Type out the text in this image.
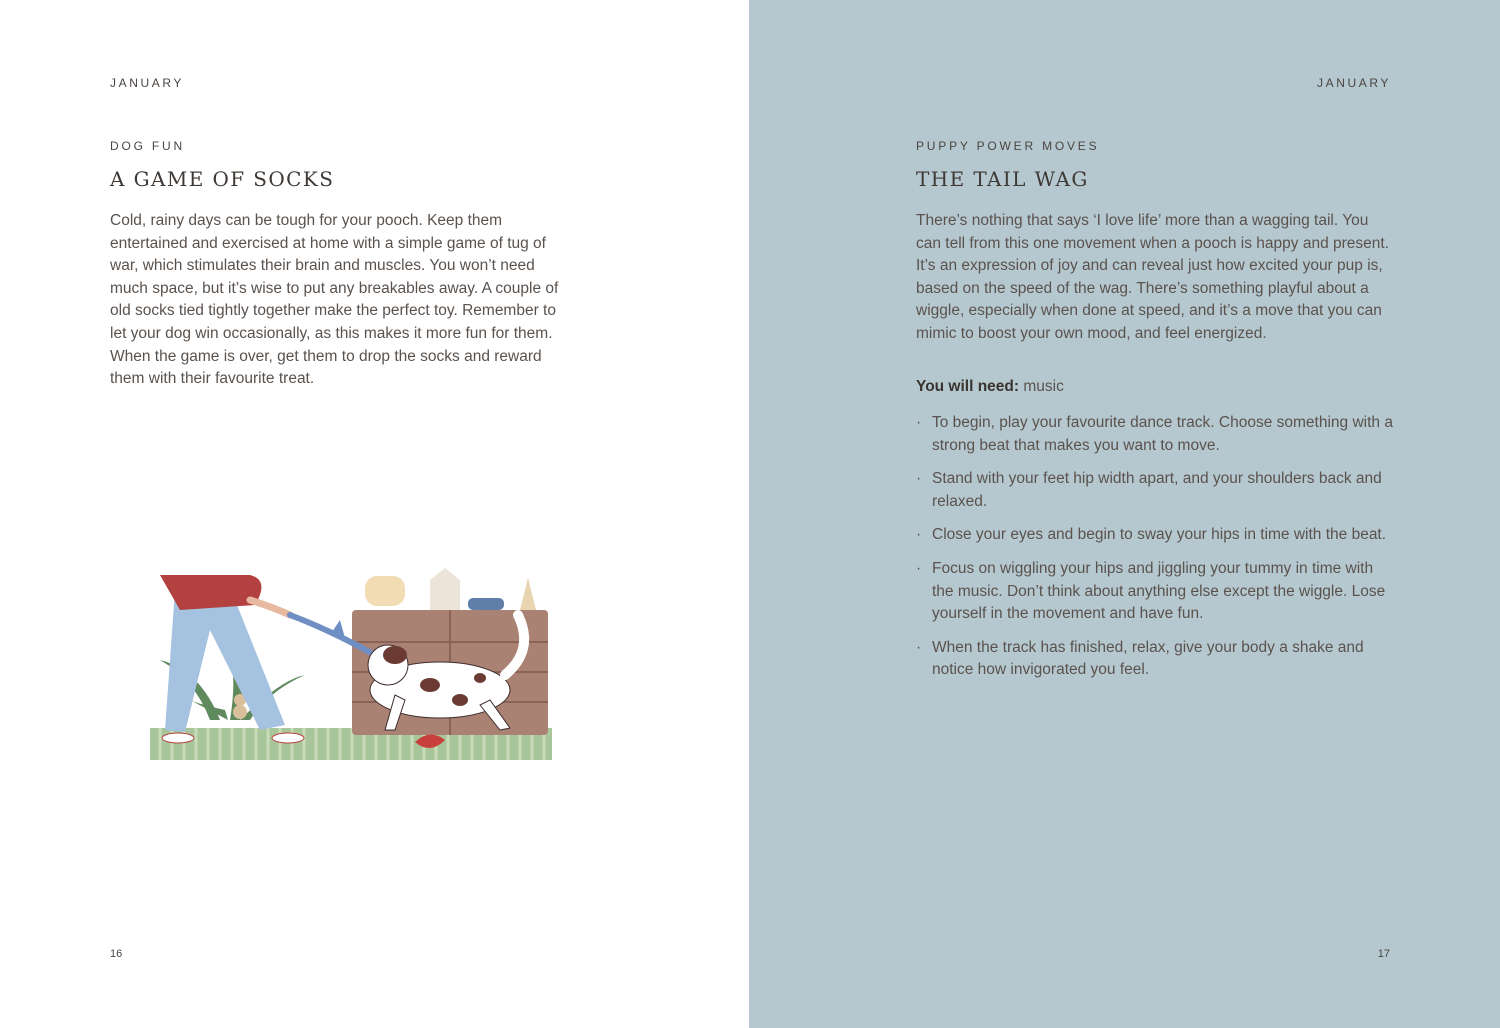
JANUARY
DOG FUN
A GAME OF SOCKS

Cold, rainy days can be tough for your pooch. Keep them entertained and exercised at home with a simple game of tug of war, which stimulates their brain and muscles. You won’t need much space, but it’s wise to put any breakables away. A couple of old socks tied tightly together make the perfect toy. Remember to let your dog win occasionally, as this makes it more fun for them. When the game is over, get them to drop the socks and reward them with their favourite treat.

16
JANUARY
PUPPY POWER MOVES
THE TAIL WAG

There’s nothing that says ‘I love life’ more than a wagging tail. You can tell from this one movement when a pooch is happy and present. It’s an expression of joy and can reveal just how excited your pup is, based on the speed of the wag. There’s something playful about a wiggle, especially when done at speed, and it’s a move that you can mimic to boost your own mood, and feel energized.

You will need: music
· To begin, play your favourite dance track. Choose something with a strong beat that makes you want to move.
· Stand with your feet hip width apart, and your shoulders back and relaxed.
· Close your eyes and begin to sway your hips in time with the beat.
· Focus on wiggling your hips and jiggling your tummy in time with the music. Don’t think about anything else except the wiggle. Lose yourself in the movement and have fun.
· When the track has finished, relax, give your body a shake and notice how invigorated you feel.
17
